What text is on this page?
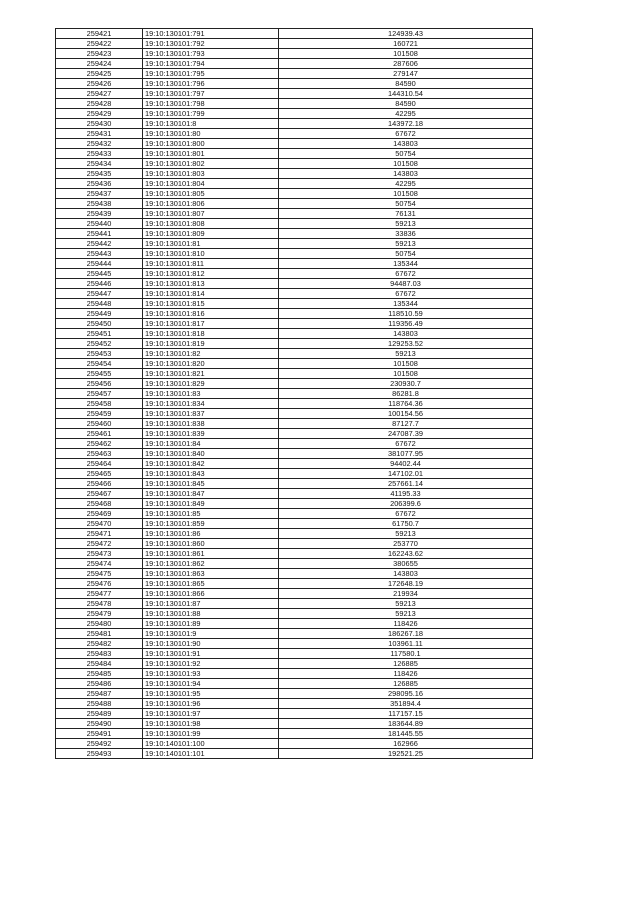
259421	19:10:130101:791	124939.43
259422	19:10:130101:792	160721
259423	19:10:130101:793	101508
259424	19:10:130101:794	287606
259425	19:10:130101:795	279147
259426	19:10:130101:796	84590
259427	19:10:130101:797	144310.54
259428	19:10:130101:798	84590
259429	19:10:130101:799	42295
259430	19:10:130101:8	143972.18
259431	19:10:130101:80	67672
259432	19:10:130101:800	143803
259433	19:10:130101:801	50754
259434	19:10:130101:802	101508
259435	19:10:130101:803	143803
259436	19:10:130101:804	42295
259437	19:10:130101:805	101508
259438	19:10:130101:806	50754
259439	19:10:130101:807	76131
259440	19:10:130101:808	59213
259441	19:10:130101:809	33836
259442	19:10:130101:81	59213
259443	19:10:130101:810	50754
259444	19:10:130101:811	135344
259445	19:10:130101:812	67672
259446	19:10:130101:813	94487.03
259447	19:10:130101:814	67672
259448	19:10:130101:815	135344
259449	19:10:130101:816	118510.59
259450	19:10:130101:817	119356.49
259451	19:10:130101:818	143803
259452	19:10:130101:819	129253.52
259453	19:10:130101:82	59213
259454	19:10:130101:820	101508
259455	19:10:130101:821	101508
259456	19:10:130101:829	230930.7
259457	19:10:130101:83	86281.8
259458	19:10:130101:834	118764.36
259459	19:10:130101:837	100154.56
259460	19:10:130101:838	87127.7
259461	19:10:130101:839	247087.39
259462	19:10:130101:84	67672
259463	19:10:130101:840	381077.95
259464	19:10:130101:842	94402.44
259465	19:10:130101:843	147102.01
259466	19:10:130101:845	257661.14
259467	19:10:130101:847	41195.33
259468	19:10:130101:849	206399.6
259469	19:10:130101:85	67672
259470	19:10:130101:859	61750.7
259471	19:10:130101:86	59213
259472	19:10:130101:860	253770
259473	19:10:130101:861	162243.62
259474	19:10:130101:862	380655
259475	19:10:130101:863	143803
259476	19:10:130101:865	172648.19
259477	19:10:130101:866	219934
259478	19:10:130101:87	59213
259479	19:10:130101:88	59213
259480	19:10:130101:89	118426
259481	19:10:130101:9	186267.18
259482	19:10:130101:90	103961.11
259483	19:10:130101:91	117580.1
259484	19:10:130101:92	126885
259485	19:10:130101:93	118426
259486	19:10:130101:94	126885
259487	19:10:130101:95	298095.16
259488	19:10:130101:96	351894.4
259489	19:10:130101:97	117157.15
259490	19:10:130101:98	183644.89
259491	19:10:130101:99	181445.55
259492	19:10:140101:100	162966
259493	19:10:140101:101	192521.25
